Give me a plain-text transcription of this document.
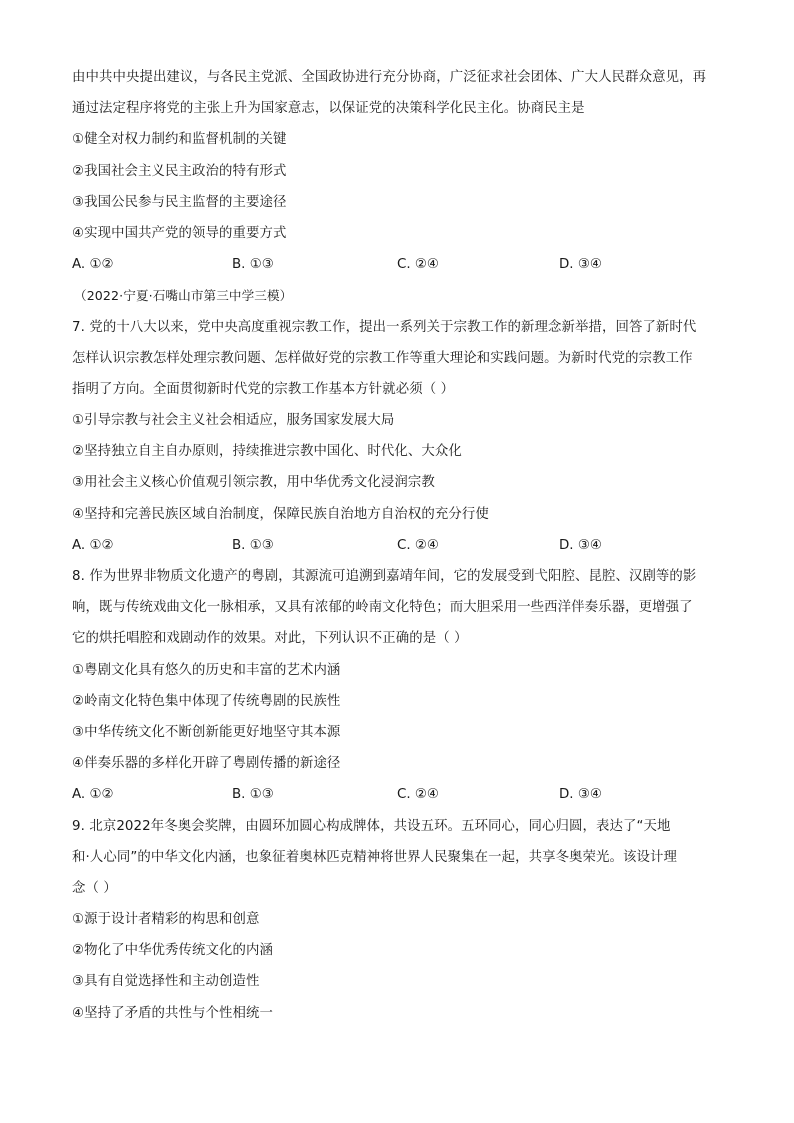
由中共中央提出建议，与各民主党派、全国政协进行充分协商，广泛征求社会团体、广大人民群众意见，再
通过法定程序将党的主张上升为国家意志，以保证党的决策科学化民主化。协商民主是
①健全对权力制约和监督机制的关键
②我国社会主义民主政治的特有形式
③我国公民参与民主监督的主要途径
④实现中国共产党的领导的重要方式
A. ①②	B. ①③	C. ②④	D. ③④
（2022·宁夏·石嘴山市第三中学三模）
7. 党的十八大以来，党中央高度重视宗教工作，提出一系列关于宗教工作的新理念新举措，回答了新时代
怎样认识宗教怎样处理宗教问题、怎样做好党的宗教工作等重大理论和实践问题。为新时代党的宗教工作
指明了方向。全面贯彻新时代党的宗教工作基本方针就必须（ ）
①引导宗教与社会主义社会相适应，服务国家发展大局
②坚持独立自主自办原则，持续推进宗教中国化、时代化、大众化
③用社会主义核心价值观引领宗教，用中华优秀文化浸润宗教
④坚持和完善民族区域自治制度，保障民族自治地方自治权的充分行使
A. ①②	B. ①③	C. ②④	D. ③④
8. 作为世界非物质文化遗产的粤剧，其源流可追溯到嘉靖年间，它的发展受到弋阳腔、昆腔、汉剧等的影
响，既与传统戏曲文化一脉相承，又具有浓郁的岭南文化特色；而大胆采用一些西洋伴奏乐器，更增强了
它的烘托唱腔和戏剧动作的效果。对此，下列认识不正确的是（ ）
①粤剧文化具有悠久的历史和丰富的艺术内涵
②岭南文化特色集中体现了传统粤剧的民族性
③中华传统文化不断创新能更好地坚守其本源
④伴奏乐器的多样化开辟了粤剧传播的新途径
A. ①②	B. ①③	C. ②④	D. ③④
9. 北京2022年冬奥会奖牌，由圆环加圆心构成牌体，共设五环。五环同心，同心归圆，表达了“天地
和·人心同”的中华文化内涵，也象征着奥林匹克精神将世界人民聚集在一起，共享冬奥荣光。该设计理
念（ ）
①源于设计者精彩的构思和创意
②物化了中华优秀传统文化的内涵
③具有自觉选择性和主动创造性
④坚持了矛盾的共性与个性相统一
